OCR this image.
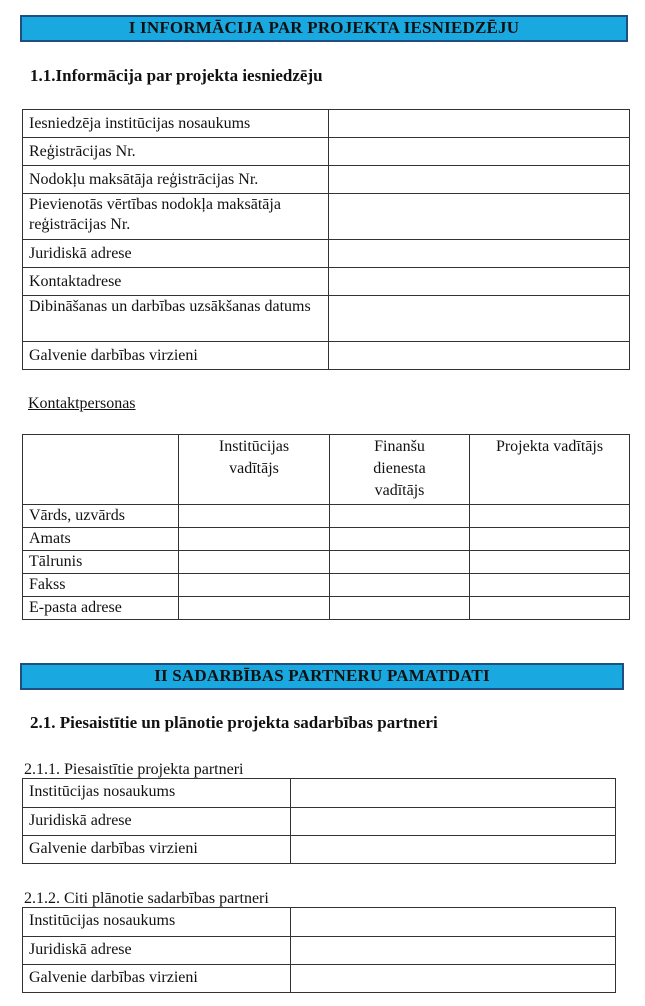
I INFORMĀCIJA PAR PROJEKTA IESNIEDZĒJU
1.1.Informācija par projekta iesniedzēju
Iesniedzēja institūcijas nosaukums	
Reģistrācijas Nr.	
Nodokļu maksātāja reģistrācijas Nr.	
Pievienotās vērtības nodokļa maksātāja reģistrācijas Nr.	
Juridiskā adrese	
Kontaktadrese	
Dibināšanas un darbības uzsākšanas datums	
Galvenie darbības virzieni	
Kontaktpersonas
	Institūcijas vadītājs	Finanšu dienesta vadītājs	Projekta vadītājs
Vārds, uzvārds			
Amats			
Tālrunis			
Fakss			
E-pasta adrese			
II SADARBĪBAS PARTNERU PAMATDATI
2.1. Piesaistītie un plānotie projekta sadarbības partneri
2.1.1. Piesaistītie projekta partneri
Institūcijas nosaukums	
Juridiskā adrese	
Galvenie darbības virzieni	
2.1.2. Citi plānotie sadarbības partneri
Institūcijas nosaukums	
Juridiskā adrese	
Galvenie darbības virzieni	
